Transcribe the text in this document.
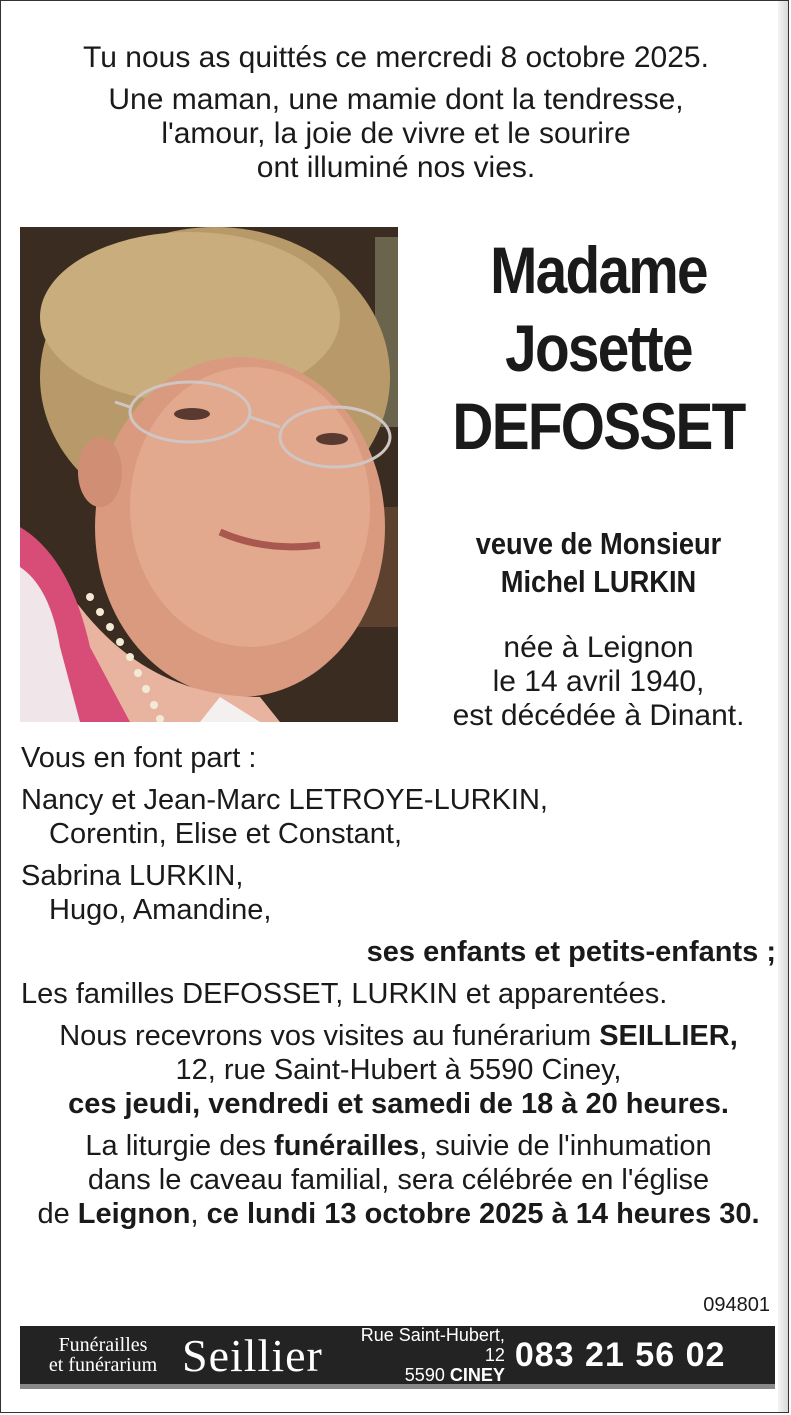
Tu nous as quittés ce mercredi 8 octobre 2025.

Une maman, une mamie dont la tendresse,

l'amour, la joie de vivre et le sourire

ont illuminé nos vies.

Madame
Josette
DEFOSSET
veuve de Monsieur
Michel LURKIN
née à Leignon
le 14 avril 1940,
est décédée à Dinant.
Vous en font part :
Nancy et Jean-Marc LETROYE-LURKIN,
Corentin, Elise et Constant,
Sabrina LURKIN,
Hugo, Amandine,
ses enfants et petits-enfants ;
Les familles DEFOSSET, LURKIN et apparentées.
Nous recevrons vos visites au funérarium SEILLIER,
12, rue Saint-Hubert à 5590 Ciney,
ces jeudi, vendredi et samedi de 18 à 20 heures.
La liturgie des funérailles, suivie de l'inhumation
dans le caveau familial, sera célébrée en l'église
de Leignon, ce lundi 13 octobre 2025 à 14 heures 30.
094801
Funérailles
et funérarium Seillier	Rue Saint-Hubert, 12
5590 CINEY
083 21 56 02
